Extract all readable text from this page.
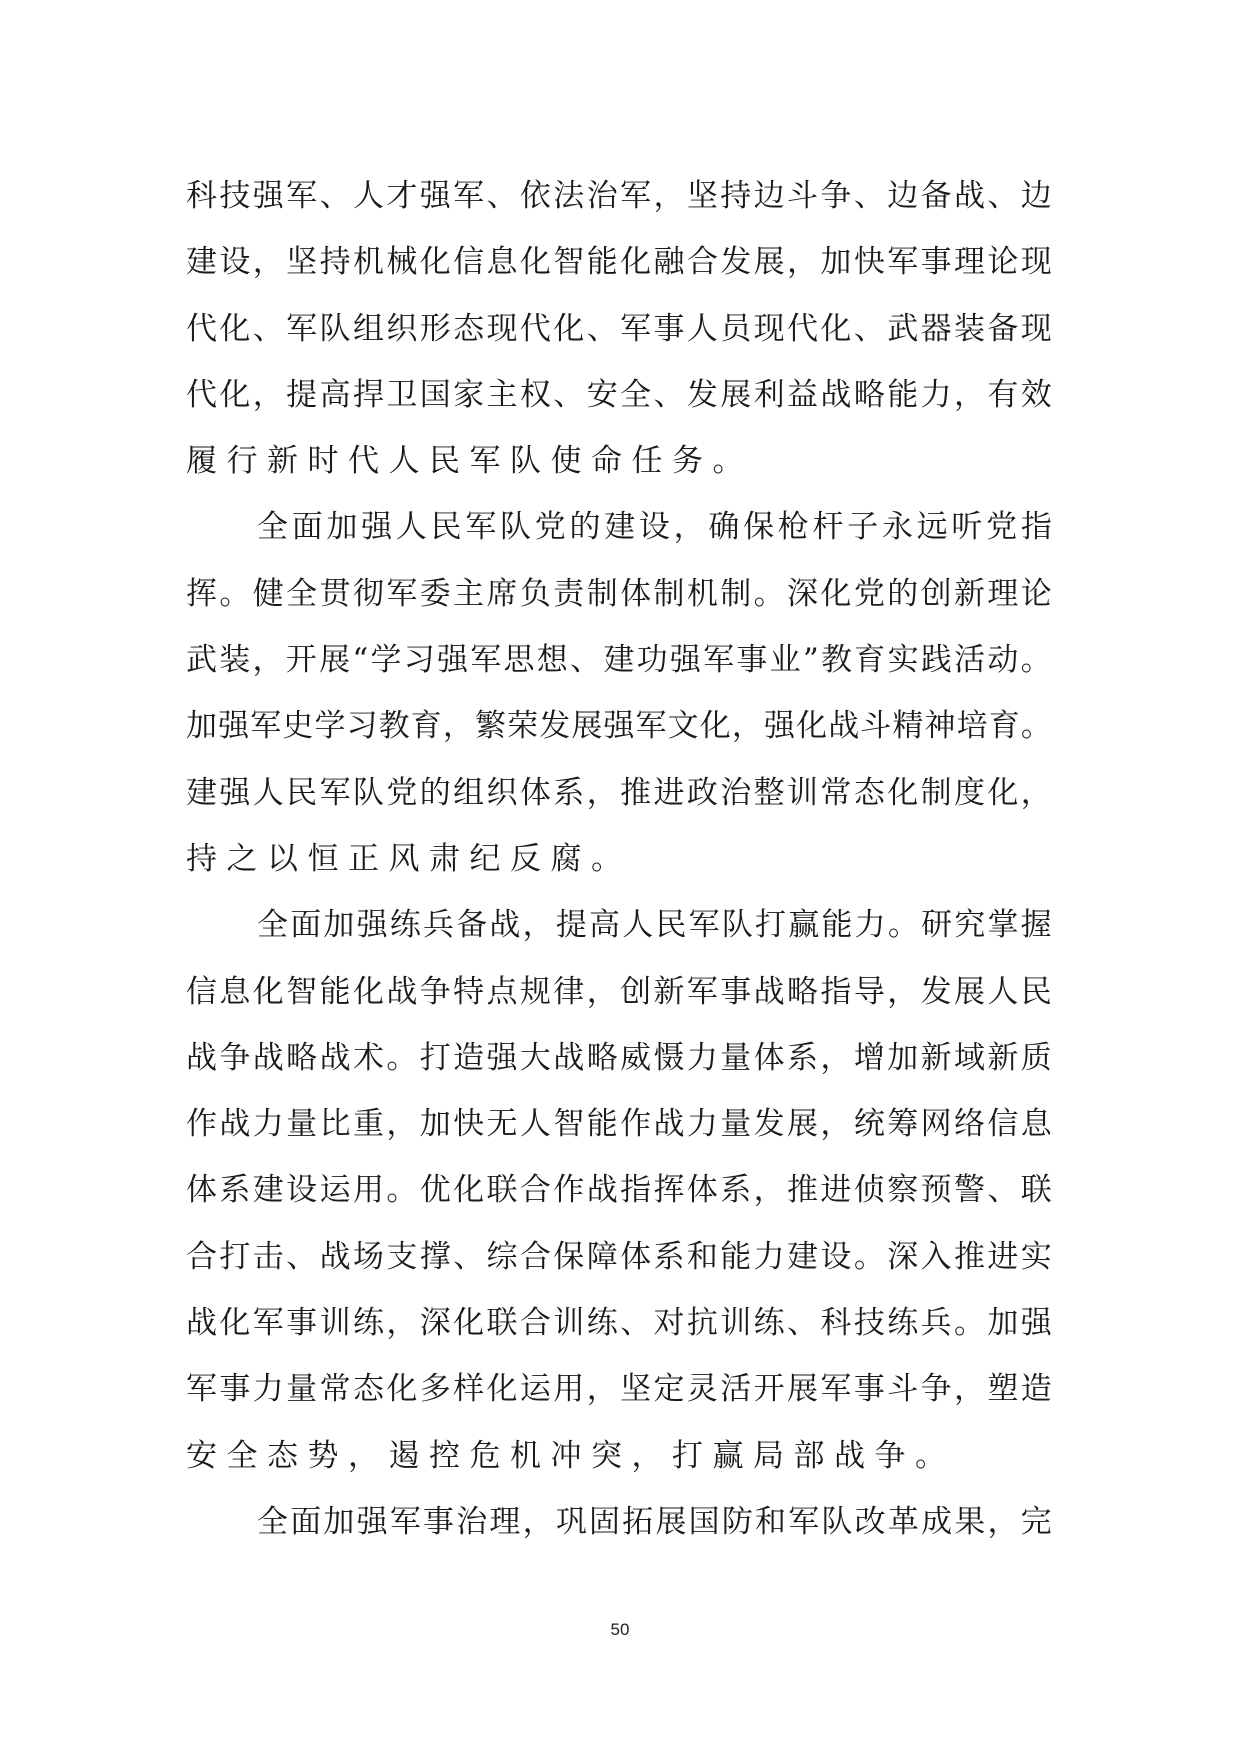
科 技 强 军 、 人 才 强 军 、 依 法 治 军 ， 坚 持 边 斗 争 、 边 备 战 、 边
建 设 ， 坚 持 机 械 化 信 息 化 智 能 化 融 合 发 展 ， 加 快 军 事 理 论 现
代 化 、 军 队 组 织 形 态 现 代 化 、 军 事 人 员 现 代 化 、 武 器 装 备 现
代 化 ， 提 高 捍 卫 国 家 主 权 、 安 全 、 发 展 利 益 战 略 能 力 ， 有 效
履行新时代人民军队使命任务。
全 面 加 强 人 民 军 队 党 的 建 设 ， 确 保 枪 杆 子 永 远 听 党 指
挥 。 健 全 贯 彻 军 委 主 席 负 责 制 体 制 机 制 。 深 化 党 的 创 新 理 论
武 装 ， 开 展 “ 学 习 强 军 思 想 、 建 功 强 军 事 业 ” 教 育 实 践 活 动 。
加 强 军 史 学 习 教 育 ， 繁 荣 发 展 强 军 文 化 ， 强 化 战 斗 精 神 培 育 。
建 强 人 民 军 队 党 的 组 织 体 系 ， 推 进 政 治 整 训 常 态 化 制 度 化 ，
持之以恒正风肃纪反腐。
全 面 加 强 练 兵 备 战 ， 提 高 人 民 军 队 打 赢 能 力 。 研 究 掌 握
信 息 化 智 能 化 战 争 特 点 规 律 ， 创 新 军 事 战 略 指 导 ， 发 展 人 民
战 争 战 略 战 术 。 打 造 强 大 战 略 威 慑 力 量 体 系 ， 增 加 新 域 新 质
作 战 力 量 比 重 ， 加 快 无 人 智 能 作 战 力 量 发 展 ， 统 筹 网 络 信 息
体 系 建 设 运 用 。 优 化 联 合 作 战 指 挥 体 系 ， 推 进 侦 察 预 警 、 联
合 打 击 、 战 场 支 撑 、 综 合 保 障 体 系 和 能 力 建 设 。 深 入 推 进 实
战 化 军 事 训 练 ， 深 化 联 合 训 练 、 对 抗 训 练 、 科 技 练 兵 。 加 强
军 事 力 量 常 态 化 多 样 化 运 用 ， 坚 定 灵 活 开 展 军 事 斗 争 ， 塑 造
安全态势，遏控危机冲突，打赢局部战争。
全 面 加 强 军 事 治 理 ， 巩 固 拓 展 国 防 和 军 队 改 革 成 果 ， 完
50
